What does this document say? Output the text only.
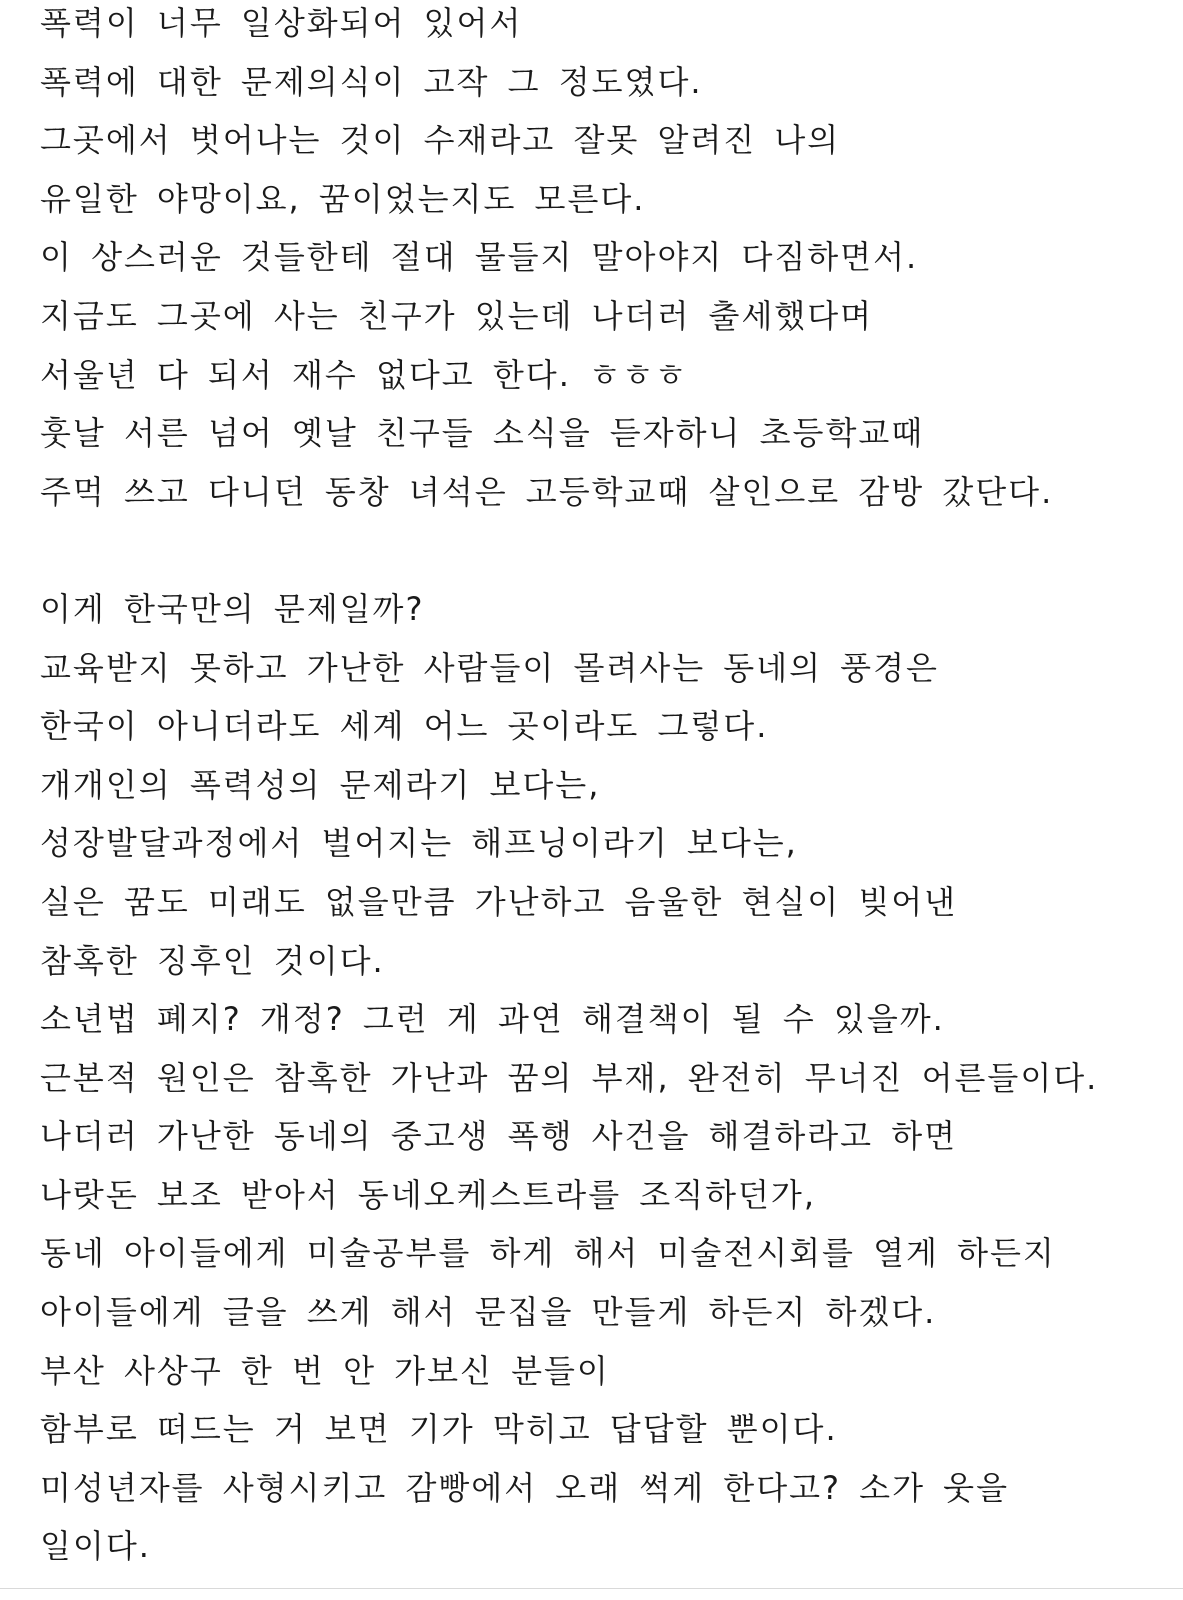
폭력이 너무 일상화되어 있어서
폭력에 대한 문제의식이 고작 그 정도였다.
그곳에서 벗어나는 것이 수재라고 잘못 알려진 나의
유일한 야망이요, 꿈이었는지도 모른다.
이 상스러운 것들한테 절대 물들지 말아야지 다짐하면서.
지금도 그곳에 사는 친구가 있는데 나더러 출세했다며
서울년 다 되서 재수 없다고 한다. ㅎㅎㅎ
훗날 서른 넘어 옛날 친구들 소식을 듣자하니 초등학교때
주먹 쓰고 다니던 동창 녀석은 고등학교때 살인으로 감방 갔단다.
이게 한국만의 문제일까?
교육받지 못하고 가난한 사람들이 몰려사는 동네의 풍경은
한국이 아니더라도 세계 어느 곳이라도 그렇다.
개개인의 폭력성의 문제라기 보다는,
성장발달과정에서 벌어지는 해프닝이라기 보다는,
실은 꿈도 미래도 없을만큼 가난하고 음울한 현실이 빚어낸
참혹한 징후인 것이다.
소년법 폐지? 개정? 그런 게 과연 해결책이 될 수 있을까.
근본적 원인은 참혹한 가난과 꿈의 부재, 완전히 무너진 어른들이다.
나더러 가난한 동네의 중고생 폭행 사건을 해결하라고 하면
나랏돈 보조 받아서 동네오케스트라를 조직하던가,
동네 아이들에게 미술공부를 하게 해서 미술전시회를 열게 하든지
아이들에게 글을 쓰게 해서 문집을 만들게 하든지 하겠다.
부산 사상구 한 번 안 가보신 분들이
함부로 떠드는 거 보면 기가 막히고 답답할 뿐이다.
미성년자를 사형시키고 감빵에서 오래 썩게 한다고? 소가 웃을
일이다.
